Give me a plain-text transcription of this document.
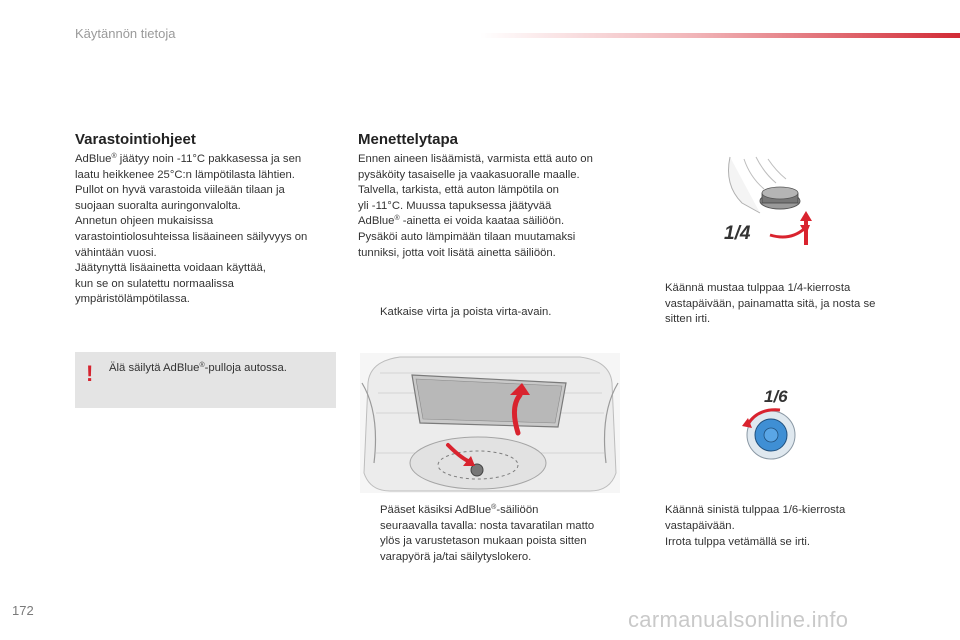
Käytännön tietoja
Varastointiohjeet
AdBlue® jäätyy noin -11°C pakkasessa ja sen
laatu heikkenee 25°C:n lämpötilasta lähtien.
Pullot on hyvä varastoida viileään tilaan ja
suojaan suoralta auringonvalolta.
Annetun ohjeen mukaisissa
varastointiolosuhteissa lisäaineen säilyvyys on
vähintään vuosi.
Jäätynyttä lisäainetta voidaan käyttää,
kun se on sulatettu normaalissa
ympäristölämpötilassa.
! Älä säilytä AdBlue®-pulloja autossa.
Menettelytapa
Ennen aineen lisäämistä, varmista että auto on
pysäköity tasaiselle ja vaakasuoralle maalle.
Talvella, tarkista, että auton lämpötila on
yli -11°C. Muussa tapuksessa jäätyvää
AdBlue® -ainetta ei voida kaataa säiliöön.
Pysäköi auto lämpimään tilaan muutamaksi
tunniksi, jotta voit lisätä ainetta säiliöön.
Katkaise virta ja poista virta-avain.
Pääset käsiksi AdBlue®-säiliöön
seuraavalla tavalla: nosta tavaratilan matto
ylös ja varustetason mukaan poista sitten
varapyörä ja/tai säilytyslokero.
1/4
Käännä mustaa tulppaa 1/4-kierrosta
vastapäivään, painamatta sitä, ja nosta se
sitten irti.
1/6
Käännä sinistä tulppaa 1/6-kierrosta
vastapäivään.
Irrota tulppa vetämällä se irti.
172	carmanualsonline.info
